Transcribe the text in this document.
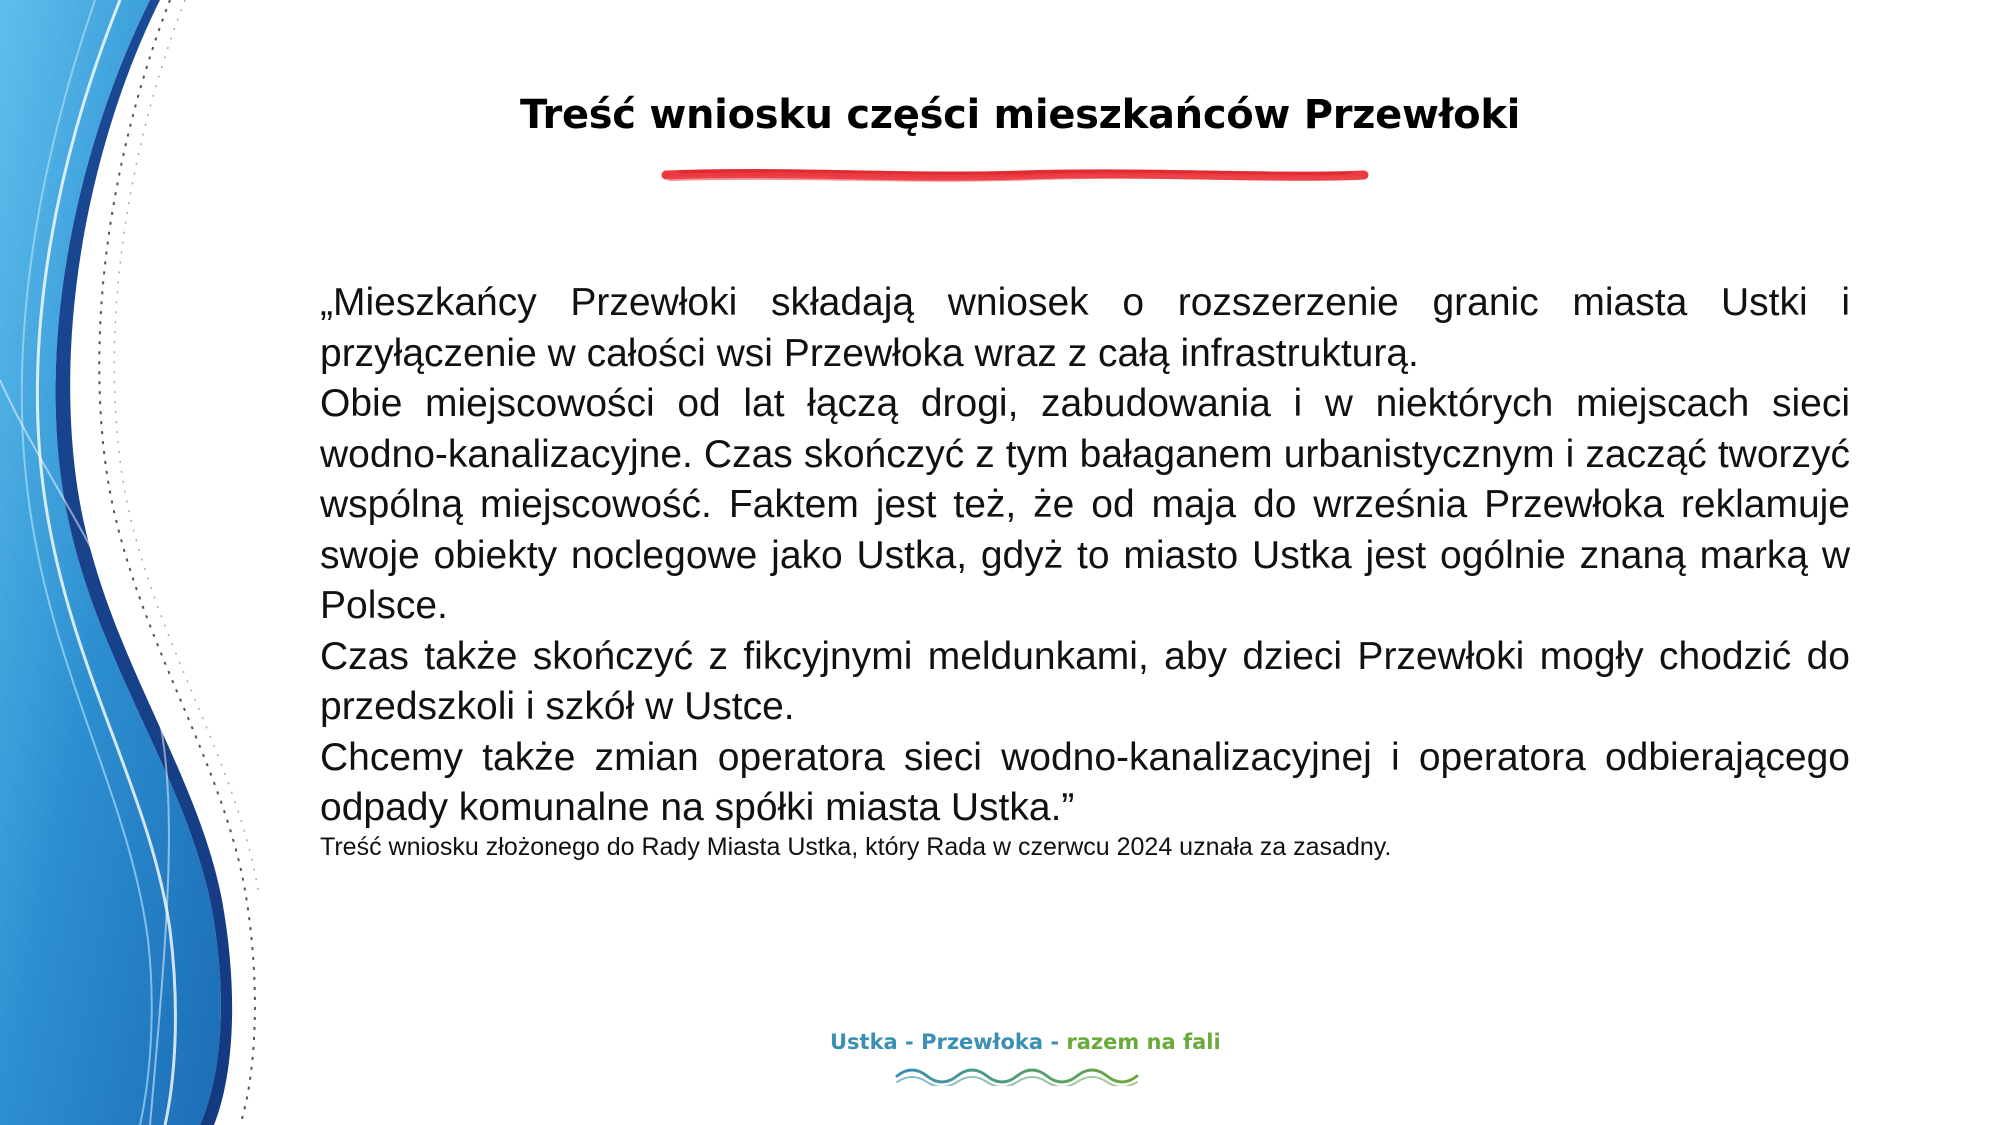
Treść wniosku części mieszkańców Przewłoki

„Mieszkańcy Przewłoki składają wniosek o rozszerzenie granic miasta Ustki i przyłączenie w całości wsi Przewłoka wraz z całą infrastrukturą.

Obie miejscowości od lat łączą drogi, zabudowania i w niektórych miejscach sieci wodno-kanalizacyjne. Czas skończyć z tym bałaganem urbanistycznym i zacząć tworzyć wspólną miejscowość. Faktem jest też, że od maja do września Przewłoka reklamuje swoje obiekty noclegowe jako Ustka, gdyż to miasto Ustka jest ogólnie znaną marką w Polsce.

Czas także skończyć z fikcyjnymi meldunkami, aby dzieci Przewłoki mogły chodzić do przedszkoli i szkół w Ustce.

Chcemy także zmian operatora sieci wodno-kanalizacyjnej i operatora odbierającego odpady komunalne na spółki miasta Ustka.”

Treść wniosku złożonego do Rady Miasta Ustka, który Rada w czerwcu 2024 uznała za zasadny.
Ustka - Przewłoka - razem na fali
